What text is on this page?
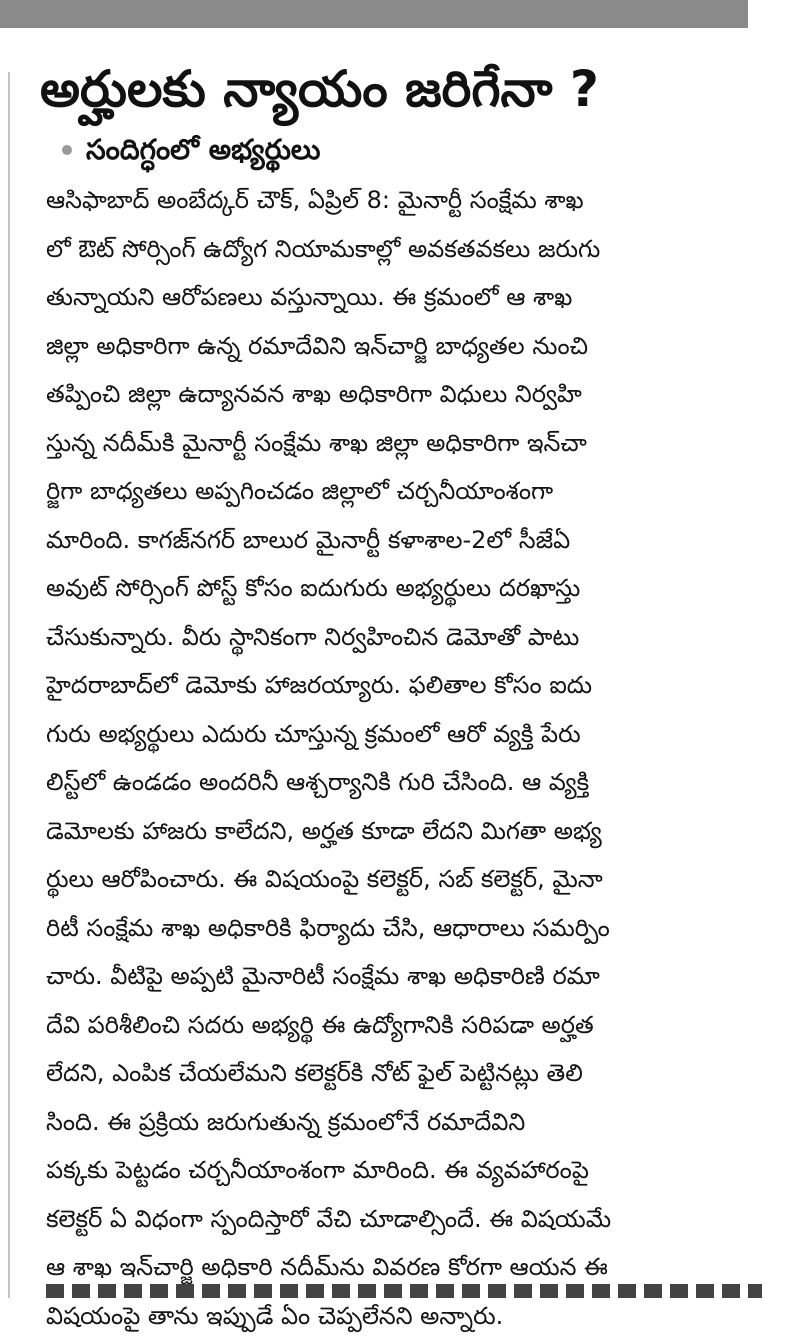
అర్హులకు న్యాయం జరిగేనా ?
సందిగ్ధంలో అభ్యర్థులు
ఆసిఫాబాద్ అంబేద్కర్ చౌక్, ఏప్రిల్ 8: మైనార్టీ సంక్షేమ శాఖ
లో ఔట్ సోర్సింగ్ ఉద్యోగ నియామకాల్లో అవకతవకలు జరుగు
తున్నాయని ఆరోపణలు వస్తున్నాయి. ఈ క్రమంలో ఆ శాఖ
జిల్లా అధికారిగా ఉన్న రమాదేవిని ఇన్‌చార్జి బాధ్యతల నుంచి
తప్పించి జిల్లా ఉద్యానవన శాఖ అధికారిగా విధులు నిర్వహి
స్తున్న నదీమ్‌కి మైనార్టీ సంక్షేమ శాఖ జిల్లా అధికారిగా ఇన్‌చా
ర్జిగా బాధ్యతలు అప్పగించడం జిల్లాలో చర్చనీయాంశంగా
మారింది. కాగజ్‌నగర్ బాలుర మైనార్టీ కళాశాల-2లో సీజేఏ
అవుట్ సోర్సింగ్ పోస్ట్ కోసం ఐదుగురు అభ్యర్థులు దరఖాస్తు
చేసుకున్నారు. వీరు స్థానికంగా నిర్వహించిన డెమోతో పాటు
హైదరాబాద్‌లో డెమోకు హాజరయ్యారు. ఫలితాల కోసం ఐదు
గురు అభ్యర్థులు ఎదురు చూస్తున్న క్రమంలో ఆరో వ్యక్తి పేరు
లిస్ట్‌లో ఉండడం అందరినీ ఆశ్చర్యానికి గురి చేసింది. ఆ వ్యక్తి
డెమోలకు హాజరు కాలేదని, అర్హత కూడా లేదని మిగతా అభ్య
ర్థులు ఆరోపించారు. ఈ విషయంపై కలెక్టర్, సబ్ కలెక్టర్, మైనా
రిటీ సంక్షేమ శాఖ అధికారికి ఫిర్యాదు చేసి, ఆధారాలు సమర్పిం
చారు. వీటిపై అప్పటి మైనారిటీ సంక్షేమ శాఖ అధికారిణి రమా
దేవి పరిశీలించి సదరు అభ్యర్థి ఈ ఉద్యోగానికి సరిపడా అర్హత
లేదని, ఎంపిక చేయలేమని కలెక్టర్‌కి నోట్ ఫైల్ పెట్టినట్లు తెలి
సింది. ఈ ప్రక్రియ జరుగుతున్న క్రమంలోనే రమాదేవిని
పక్కకు పెట్టడం చర్చనీయాంశంగా మారింది. ఈ వ్యవహారంపై
కలెక్టర్ ఏ విధంగా స్పందిస్తారో వేచి చూడాల్సిందే. ఈ విషయమే
ఆ శాఖ ఇన్‌చార్జి అధికారి నదీమ్‌ను వివరణ కోరగా ఆయన ఈ
విషయంపై తాను ఇప్పుడే ఏం చెప్పలేనని అన్నారు.
